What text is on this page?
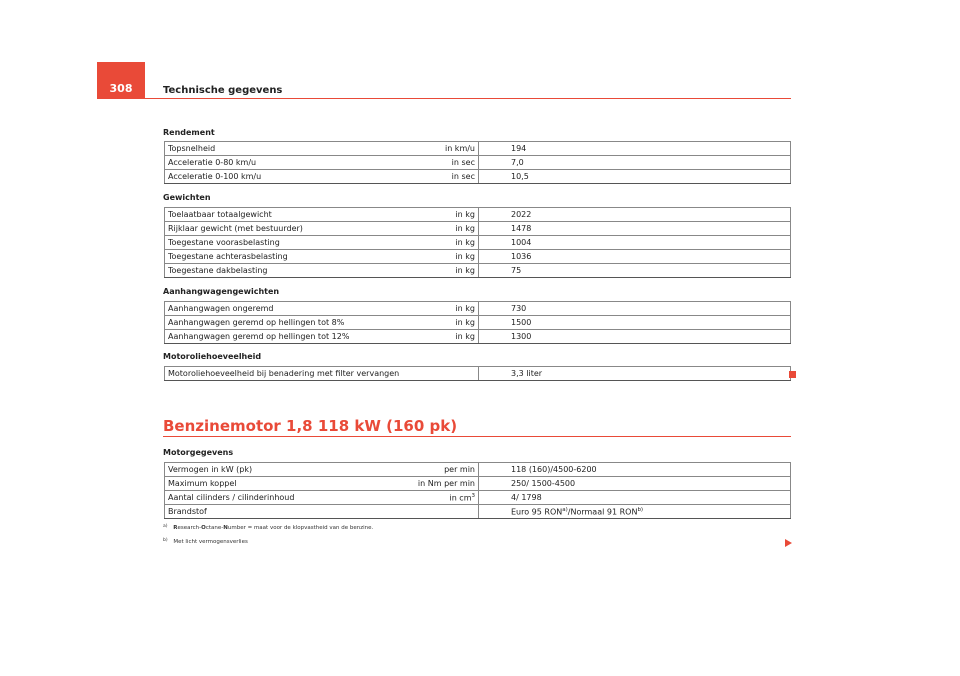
308	Technische gegevens
Rendement
Topsnelheid in km/u	194

Acceleratie 0-80 km/u in sec	7,0

Acceleratie 0-100 km/u in sec	10,5
Gewichten
Toelaatbaar totaalgewicht in kg	2022

Rijklaar gewicht (met bestuurder) in kg	1478

Toegestane voorasbelasting in kg	1004

Toegestane achterasbelasting in kg	1036

Toegestane dakbelasting in kg	75
Aanhangwagengewichten
Aanhangwagen ongeremd in kg	730

Aanhangwagen geremd op hellingen tot 8% in kg	1500

Aanhangwagen geremd op hellingen tot 12% in kg	1300
Motoroliehoeveelheid
Motoroliehoeveelheid bij benadering met filter vervangen	3,3 liter
Benzinemotor 1,8 118 kW (160 pk)
Motorgegevens
Vermogen in kW (pk) per min	118 (160)/4500-6200

Maximum koppel in Nm per min	250/ 1500-4500

Aantal cilinders / cilinderinhoud in $cm^3$	4/ 1798

Brandstof	Euro 95 RON$^{a)}$/Normaal 91 RON$^{b)}$
$^{a)}$ Research-Octane-Number = maat voor de klopvastheid van de benzine.
$^{b)}$ Met licht vermogensverlies
